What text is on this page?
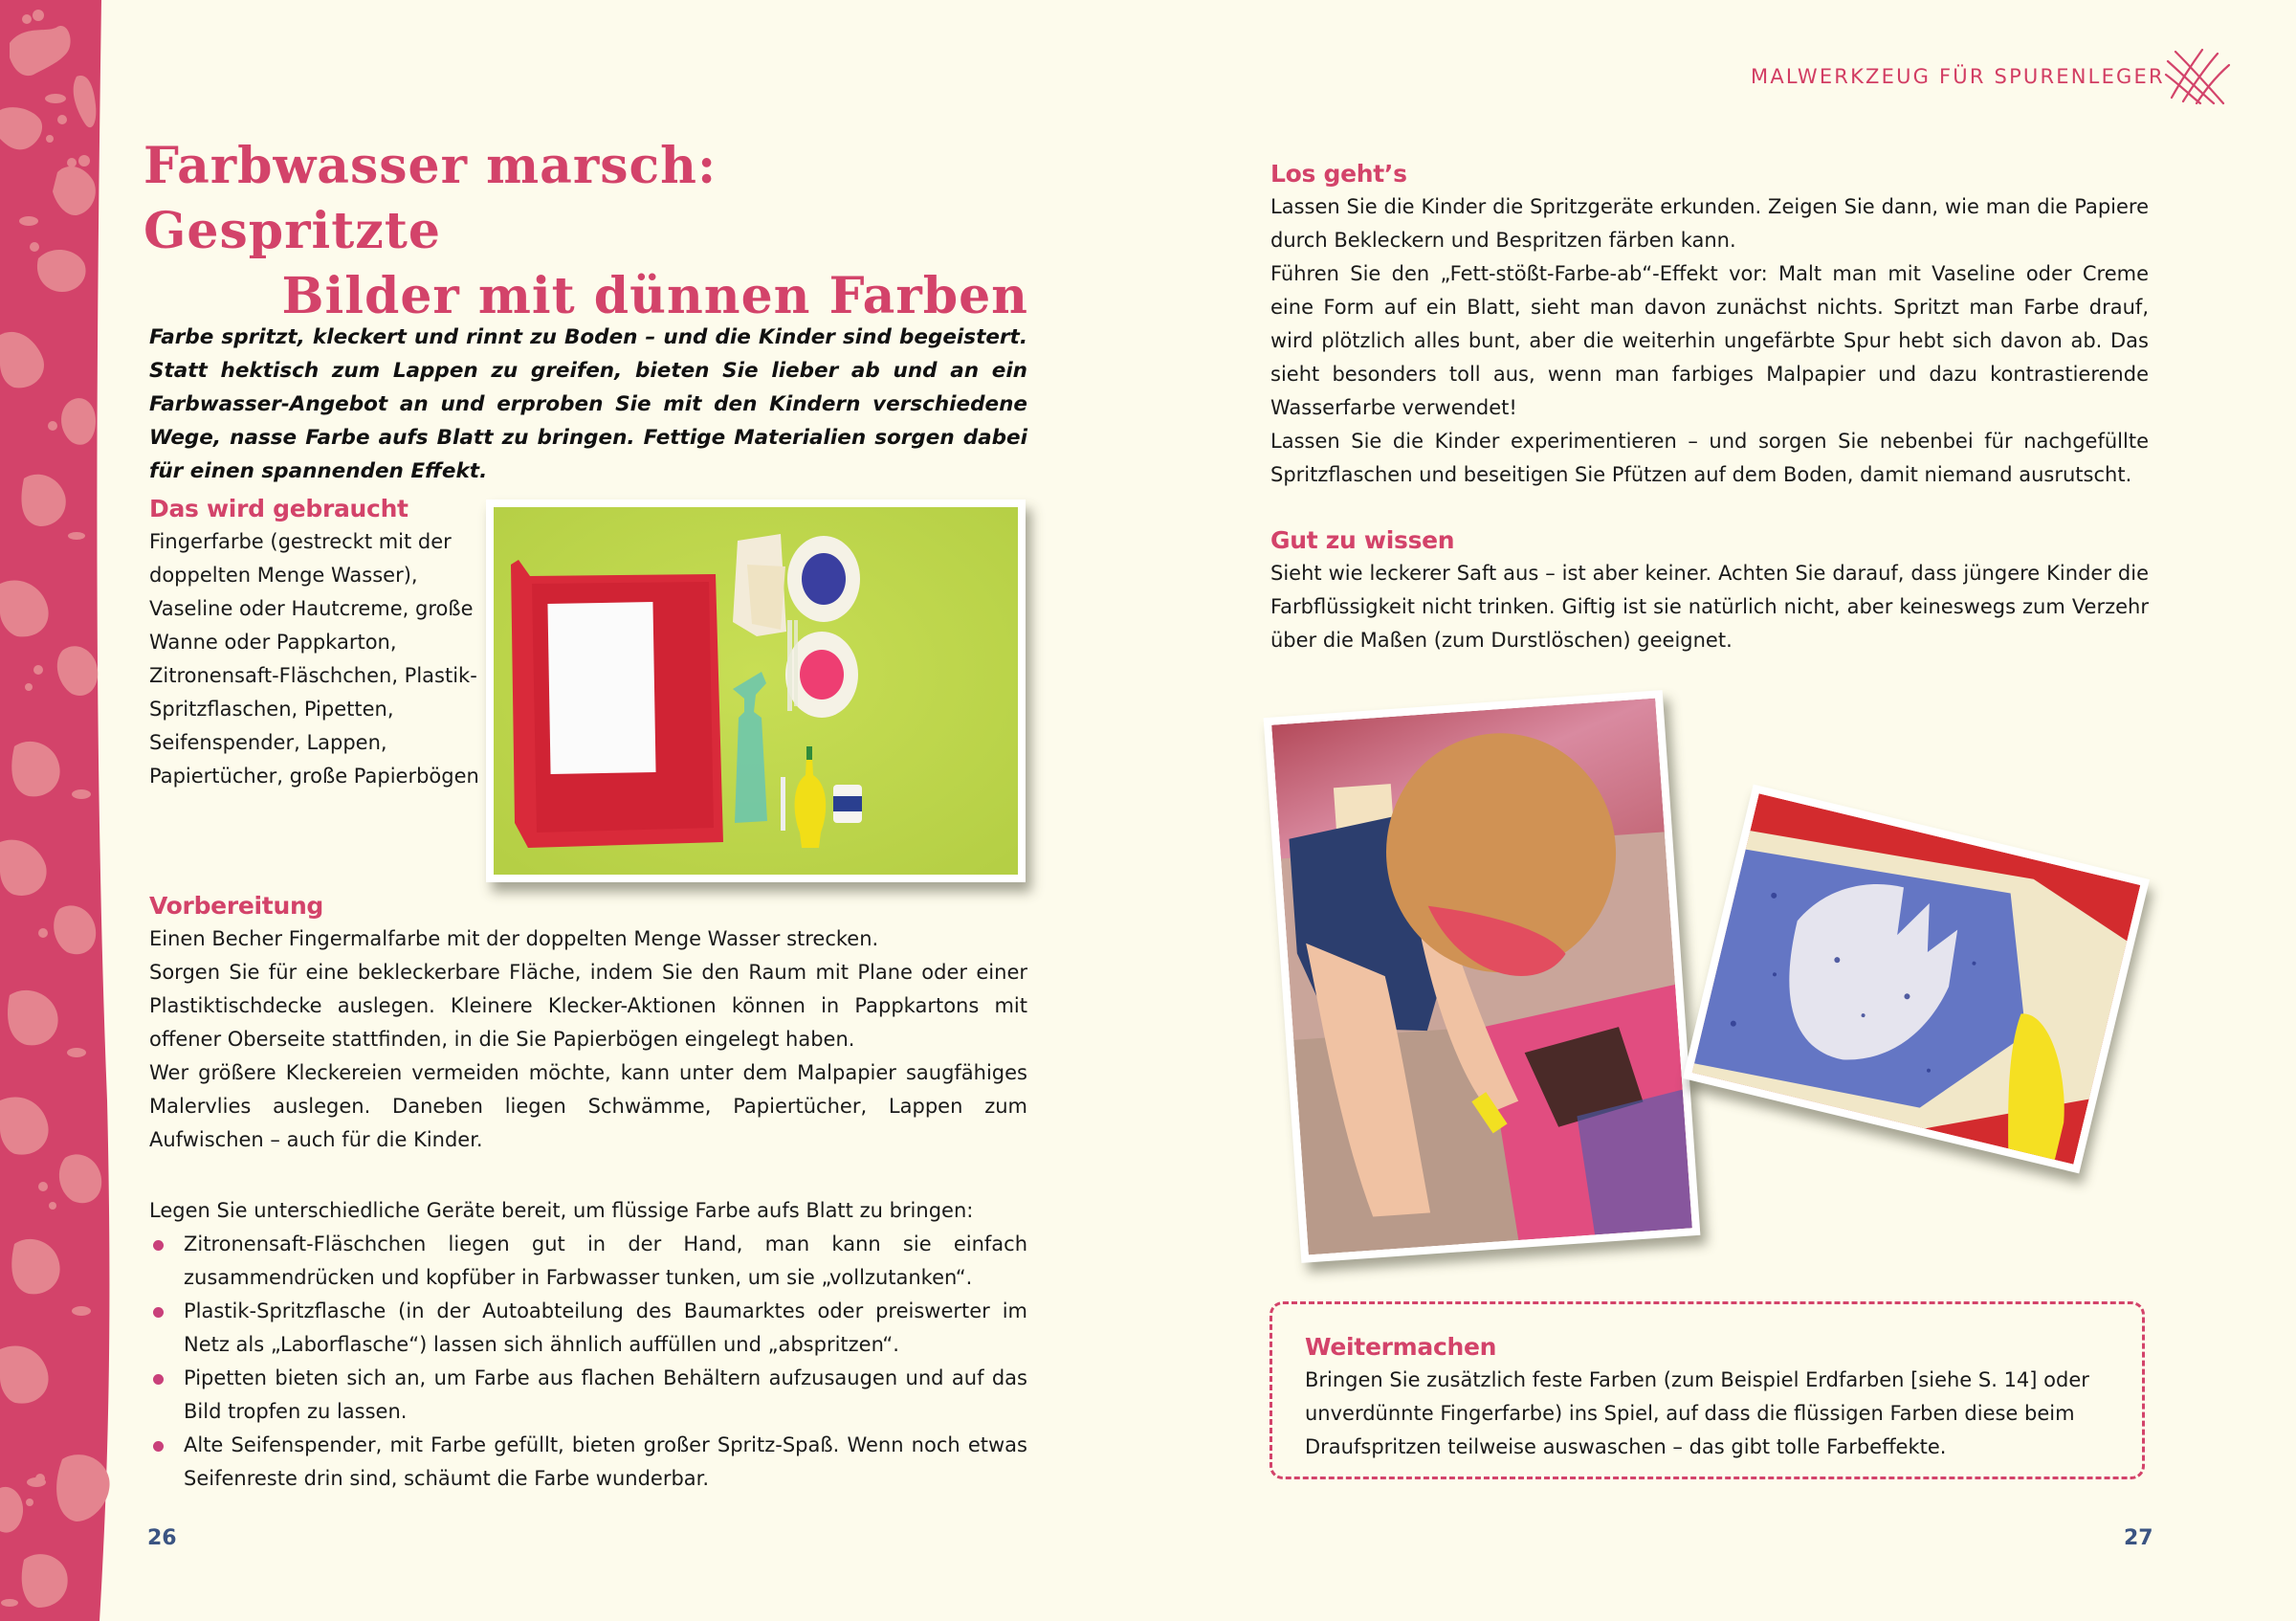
MALWERKZEUG FÜR SPURENLEGER
Farbwasser marsch: Gespritzte
Bilder mit dünnen Farben

Farbe spritzt, kleckert und rinnt zu Boden – und die Kinder sind begeistert. Statt hektisch zum Lappen zu greifen, bieten Sie lieber ab und an ein Farbwasser-Angebot an und erproben Sie mit den Kindern verschiedene Wege, nasse Farbe aufs Blatt zu bringen. Fettige Materialien sorgen dabei für einen spannenden Effekt.

Das wird gebraucht
Fingerfarbe (gestreckt mit der doppelten Menge Wasser), Vaseline oder Hautcreme, große Wanne oder Pappkarton, Zitronensaft-Fläschchen, Plastik-Spritzflaschen, Pipetten, Seifenspender, Lappen, Papiertücher, große Papierbögen
Vorbereitung

Einen Becher Fingermalfarbe mit der doppelten Menge Wasser strecken.

Sorgen Sie für eine bekleckerbare Fläche, indem Sie den Raum mit Plane oder einer Plastiktischdecke auslegen. Kleinere Klecker-Aktionen können in Pappkartons mit offener Oberseite stattfinden, in die Sie Papierbögen eingelegt haben.

Wer größere Kleckereien vermeiden möchte, kann unter dem Malpapier saugfähiges Malervlies auslegen. Daneben liegen Schwämme, Papiertücher, Lappen zum Aufwischen – auch für die Kinder.

Legen Sie unterschiedliche Geräte bereit, um flüssige Farbe aufs Blatt zu bringen:

Zitronensaft-Fläschchen liegen gut in der Hand, man kann sie einfach zusammendrücken und kopfüber in Farbwasser tunken, um sie „vollzutanken“.
Plastik-Spritzflasche (in der Autoabteilung des Baumarktes oder preiswerter im Netz als „Laborflasche“) lassen sich ähnlich auffüllen und „abspritzen“.
Pipetten bieten sich an, um Farbe aus flachen Behältern aufzusaugen und auf das Bild tropfen zu lassen.
Alte Seifenspender, mit Farbe gefüllt, bieten großer Spritz-Spaß. Wenn noch etwas Seifenreste drin sind, schäumt die Farbe wunderbar.
26
Los geht’s

Lassen Sie die Kinder die Spritzgeräte erkunden. Zeigen Sie dann, wie man die Papiere durch Bekleckern und Bespritzen färben kann.

Führen Sie den „Fett-stößt-Farbe-ab“-Effekt vor: Malt man mit Vaseline oder Creme eine Form auf ein Blatt, sieht man davon zunächst nichts. Spritzt man Farbe drauf, wird plötzlich alles bunt, aber die weiterhin ungefärbte Spur hebt sich davon ab. Das sieht besonders toll aus, wenn man farbiges Malpapier und dazu kontrastierende Wasserfarbe verwendet!

Lassen Sie die Kinder experimentieren – und sorgen Sie nebenbei für nachgefüllte Spritzflaschen und beseitigen Sie Pfützen auf dem Boden, damit niemand ausrutscht.

Gut zu wissen
Sieht wie leckerer Saft aus – ist aber keiner. Achten Sie darauf, dass jüngere Kinder die Farbflüssigkeit nicht trinken. Giftig ist sie natürlich nicht, aber keineswegs zum Verzehr über die Maßen (zum Durstlöschen) geeignet.
Weitermachen
Bringen Sie zusätzlich feste Farben (zum Beispiel Erdfarben [siehe S. 14] oder unverdünnte Fingerfarbe) ins Spiel, auf dass die flüssigen Farben diese beim Draufspritzen teilweise auswaschen – das gibt tolle Farbeffekte.
27
